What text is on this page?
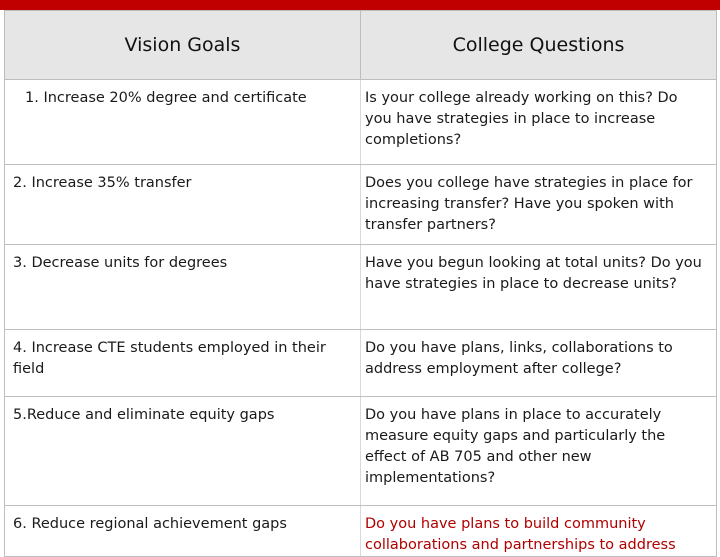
Vision Goals	College Questions
1. Increase 20% degree and certificate	Is your college already working on this? Do you have strategies in place to increase completions?
2. Increase 35% transfer	Does you college have strategies in place for increasing transfer? Have you spoken with transfer partners?
3. Decrease units for degrees	Have you begun looking at total units? Do you have strategies in place to decrease units?
4. Increase CTE students employed in their field	Do you have plans, links, collaborations to address employment after college?
5.Reduce and eliminate equity gaps	Do you have plans in place to accurately measure equity gaps and particularly the effect of AB 705 and other new implementations?
6. Reduce regional achievement gaps	Do you have plans to build community collaborations and partnerships to address
